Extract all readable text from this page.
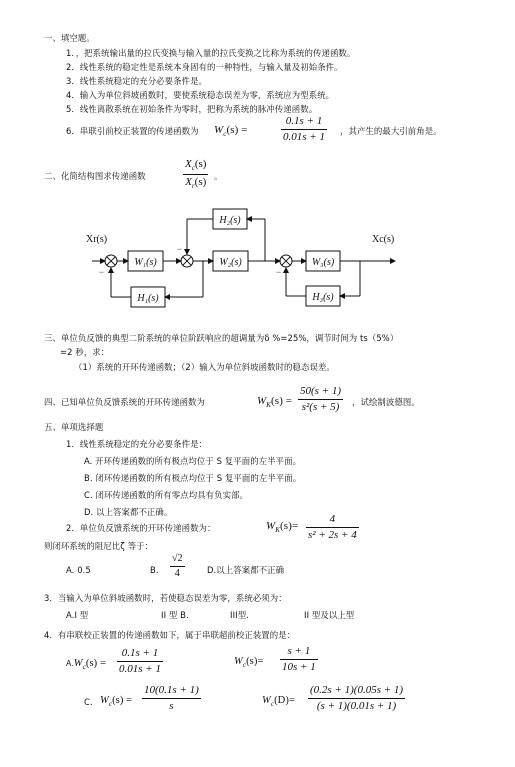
一、填空题。
1．，把系统输出量的拉氏变换与输入量的拉氏变换之比称为系统的传递函数。
2．线性系统的稳定性是系统本身固有的一种特性，与输入量及初始条件。
3．线性系统稳定的充分必要条件是。
4．输入为单位斜坡函数时，要使系统稳态误差为零，系统应为型系统。
5．线性离散系统在初始条件为零时，把称为系统的脉冲传递函数。
6．串联引前校正装置的传递函数为 $W_c(s)$ =	$\frac{0.1s + 1}{0.01s + 1}$ ，其产生的最大引前角是。
二、化简结构图求传递函数	$\frac{X_c(s)}{X_r(s)}$ 。
Xr(s)	Xc(s)
W₁(s)	W₂(s)	W₃(s)
H₂(s)
H₁(s)	H₃(s)
−
−
−
三、单位负反馈的典型二阶系统的单位阶跃响应的超调量为δ %=25%，调节时间为 ts（5%）
=2 秒，求：
（1）系统的开环传递函数；（2）输入为单位斜坡函数时的稳态误差。
四、已知单位负反馈系统的开环传递函数为	$W_K(s) = \frac{50(s + 1)}{\text{s²(s + 5)}}$ ，试绘制波德图。
五、单项选择题
1．线性系统稳定的充分必要条件是：
A. 开环传递函数的所有极点均位于 S 复平面的左半平面。
B. 闭环传递函数的所有极点均位于 S 复平面的左半平面。
C. 闭环传递函数的所有零点均具有负实部。
D. 以上答案都不正确。
2．单位负反馈系统的开环传递函数为：	$W_K(s)= \frac{4}{\text{s² + 2s + 4}}$
则闭环系统的阻尼比ζ 等于：
A. 0.5	B. $\frac{√2}{4}$	D.以上答案都不正确
3．当输入为单位斜坡函数时，若使稳态误差为零，系统必须为：
A.I 型	II 型 B.	III型.	II 型及以上型
4．有串联校正装置的传递函数如下，属于串联超前校正装置的是：
$A.W_c(s) = \frac{0.1s + 1}{0.01s + 1}$	$W_c(s)= \frac{s + 1}{10s + 1}$
C. $W_c(s) = \frac{10(0.1s + 1)}{s}$	$W_c(D)= \frac{(0.2s + 1)(0.05s + 1)}{(s + 1)(0.01s + 1)}$
